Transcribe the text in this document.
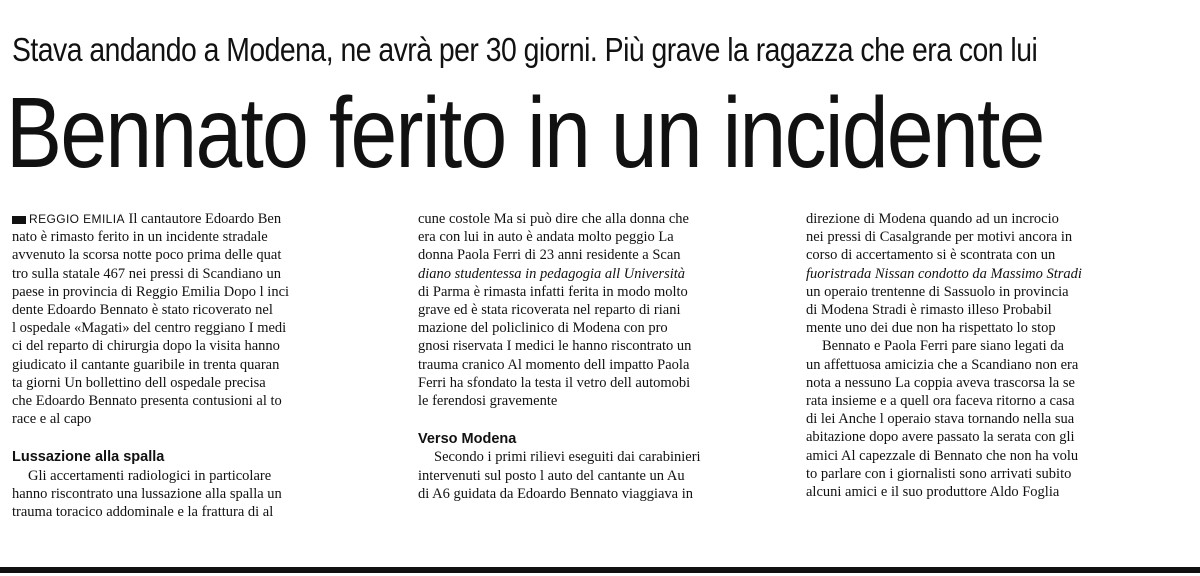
Stava andando a Modena, ne avrà per 30 giorni. Più grave la ragazza che era con lui
Bennato ferito in un incidente
REGGIO EMILIA Il cantautore Edoardo Ben
nato è rimasto ferito in un incidente stradale
avvenuto la scorsa notte poco prima delle quat
tro sulla statale 467 nei pressi di Scandiano un
paese in provincia di Reggio Emilia Dopo l inci
dente Edoardo Bennato è stato ricoverato nel
l ospedale «Magati» del centro reggiano I medi
ci del reparto di chirurgia dopo la visita hanno
giudicato il cantante guaribile in trenta quaran
ta giorni Un bollettino dell ospedale precisa
che Edoardo Bennato presenta contusioni al to
race e al capo
Lussazione alla spalla
Gli accertamenti radiologici in particolare
hanno riscontrato una lussazione alla spalla un
trauma toracico addominale e la frattura di al
cune costole Ma si può dire che alla donna che
era con lui in auto è andata molto peggio La
donna Paola Ferri di 23 anni residente a Scan
diano studentessa in pedagogia all Università
di Parma è rimasta infatti ferita in modo molto
grave ed è stata ricoverata nel reparto di riani
mazione del policlinico di Modena con pro
gnosi riservata I medici le hanno riscontrato un
trauma cranico Al momento dell impatto Paola
Ferri ha sfondato la testa il vetro dell automobi
le ferendosi gravemente
Verso Modena
Secondo i primi rilievi eseguiti dai carabinieri
intervenuti sul posto l auto del cantante un Au
di A6 guidata da Edoardo Bennato viaggiava in
direzione di Modena quando ad un incrocio
nei pressi di Casalgrande per motivi ancora in
corso di accertamento si è scontrata con un
fuoristrada Nissan condotto da Massimo Stradi
un operaio trentenne di Sassuolo in provincia
di Modena Stradi è rimasto illeso Probabil
mente uno dei due non ha rispettato lo stop
Bennato e Paola Ferri pare siano legati da
un affettuosa amicizia che a Scandiano non era
nota a nessuno La coppia aveva trascorsa la se
rata insieme e a quell ora faceva ritorno a casa
di lei Anche l operaio stava tornando nella sua
abitazione dopo avere passato la serata con gli
amici Al capezzale di Bennato che non ha volu
to parlare con i giornalisti sono arrivati subito
alcuni amici e il suo produttore Aldo Foglia
